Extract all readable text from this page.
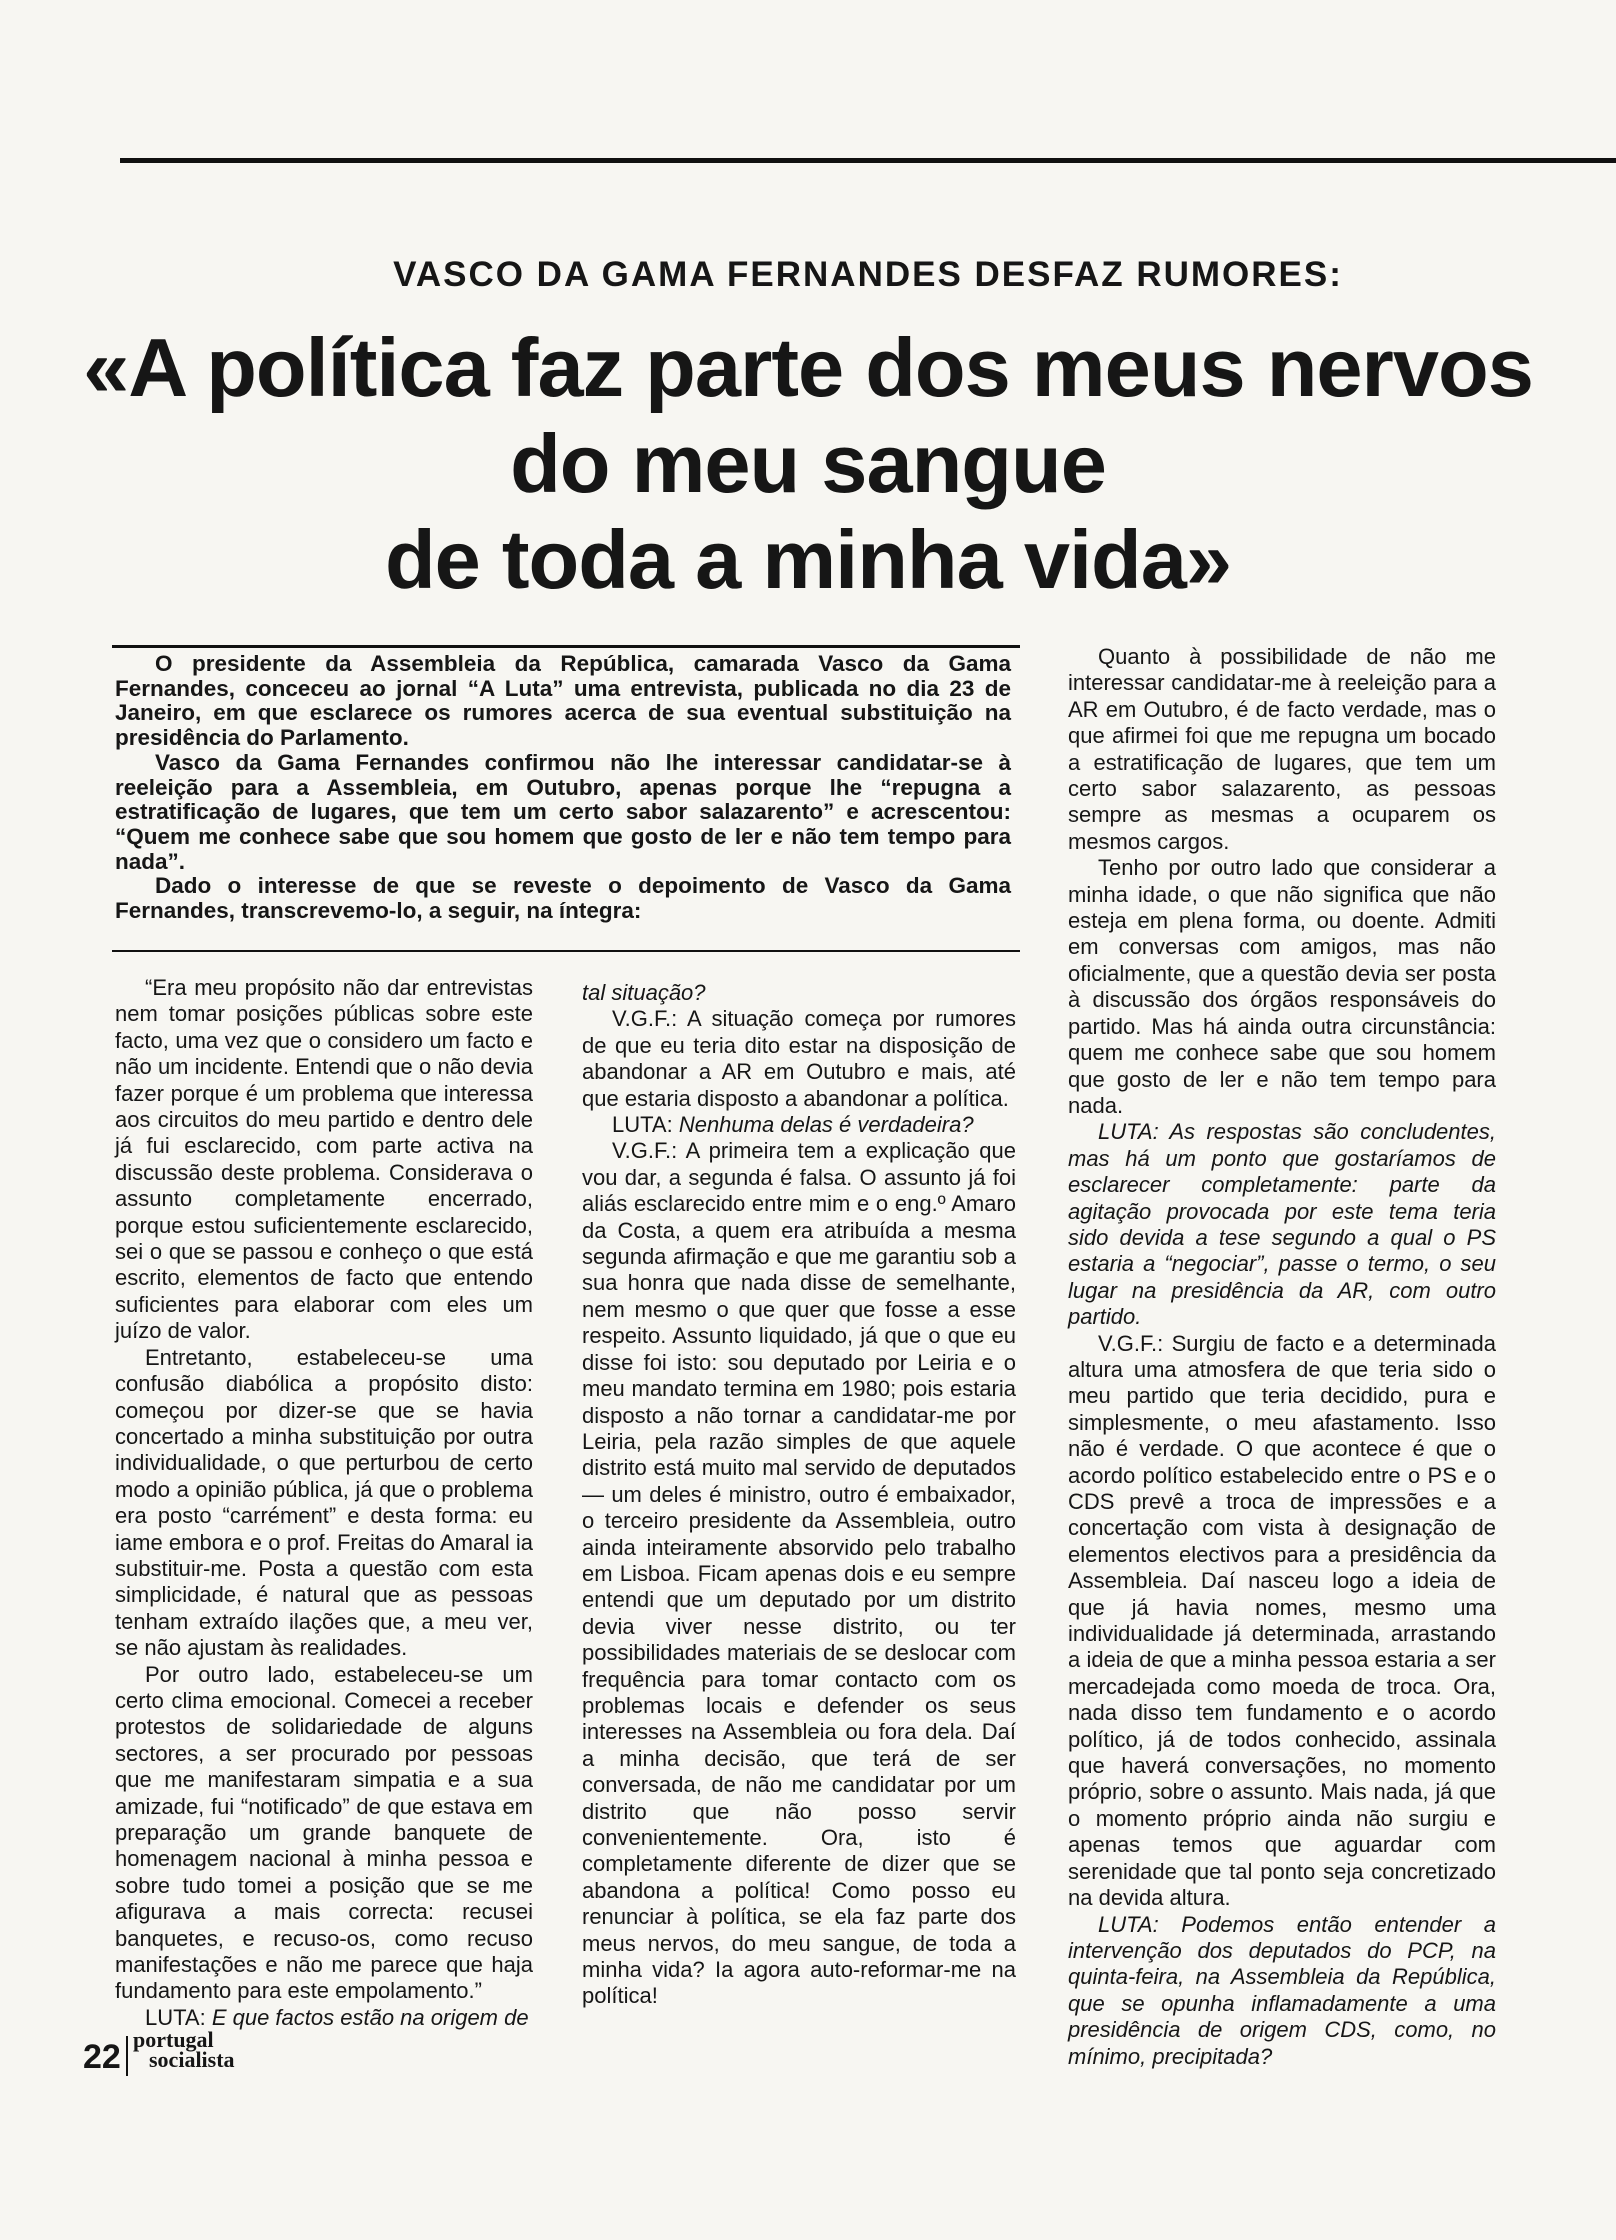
VASCO DA GAMA FERNANDES DESFAZ RUMORES:
«A política faz parte dos meus nervos
do meu sangue
de toda a minha vida»

O presidente da Assembleia da República, camarada Vasco da Gama Fernandes, conceceu ao jornal “A Luta” uma entrevista, publicada no dia 23 de Janeiro, em que esclarece os rumores acerca de sua eventual substituição na presidência do Parlamento.

Vasco da Gama Fernandes confirmou não lhe interessar candidatar-se à reeleição para a Assembleia, em Outubro, apenas porque lhe “repugna a estratificação de lugares, que tem um certo sabor salazarento” e acrescentou: “Quem me conhece sabe que sou homem que gosto de ler e não tem tempo para nada”.

Dado o interesse de que se reveste o depoimento de Vasco da Gama Fernandes, transcrevemo-lo, a seguir, na íntegra:

“Era meu propósito não dar entrevistas nem tomar posições públicas sobre este facto, uma vez que o considero um facto e não um incidente. Entendi que o não devia fazer porque é um problema que interessa aos circuitos do meu partido e dentro dele já fui esclarecido, com parte activa na discussão deste problema. Considerava o assunto completamente encerrado, porque estou suficientemente esclarecido, sei o que se passou e conheço o que está escrito, elementos de facto que entendo suficientes para elaborar com eles um juízo de valor.

Entretanto, estabeleceu-se uma confusão diabólica a propósito disto: começou por dizer-se que se havia concertado a minha substituição por outra individualidade, o que perturbou de certo modo a opinião pública, já que o problema era posto “carrément” e desta forma: eu iame embora e o prof. Freitas do Amaral ia substituir-me. Posta a questão com esta simplicidade, é natural que as pessoas tenham extraído ilações que, a meu ver, se não ajustam às realidades.

Por outro lado, estabeleceu-se um certo clima emocional. Comecei a receber protestos de solidariedade de alguns sectores, a ser procurado por pessoas que me manifestaram simpatia e a sua amizade, fui “notificado” de que estava em preparação um grande banquete de homenagem nacional à minha pessoa e sobre tudo tomei a posição que se me afigurava a mais correcta: recusei banquetes, e recuso-os, como recuso manifestações e não me parece que haja fundamento para este empolamento.”

LUTA: E que factos estão na origem de

tal situação?

V.G.F.: A situação começa por rumores de que eu teria dito estar na disposição de abandonar a AR em Outubro e mais, até que estaria disposto a abandonar a política.

LUTA: Nenhuma delas é verdadeira?

V.G.F.: A primeira tem a explicação que vou dar, a segunda é falsa. O assunto já foi aliás esclarecido entre mim e o eng.º Amaro da Costa, a quem era atribuída a mesma segunda afirmação e que me garantiu sob a sua honra que nada disse de semelhante, nem mesmo o que quer que fosse a esse respeito. Assunto liquidado, já que o que eu disse foi isto: sou deputado por Leiria e o meu mandato termina em 1980; pois estaria disposto a não tornar a candidatar-me por Leiria, pela razão simples de que aquele distrito está muito mal servido de deputados — um deles é ministro, outro é embaixador, o terceiro presidente da Assembleia, outro ainda inteiramente absorvido pelo trabalho em Lisboa. Ficam apenas dois e eu sempre entendi que um deputado por um distrito devia viver nesse distrito, ou ter possibilidades materiais de se deslocar com frequência para tomar contacto com os problemas locais e defender os seus interesses na Assembleia ou fora dela. Daí a minha decisão, que terá de ser conversada, de não me candidatar por um distrito que não posso servir convenientemente. Ora, isto é completamente diferente de dizer que se abandona a política! Como posso eu renunciar à política, se ela faz parte dos meus nervos, do meu sangue, de toda a minha vida? Ia agora auto-reformar-me na política!

Quanto à possibilidade de não me interessar candidatar-me à reeleição para a AR em Outubro, é de facto verdade, mas o que afirmei foi que me repugna um bocado a estratificação de lugares, que tem um certo sabor salazarento, as pessoas sempre as mesmas a ocuparem os mesmos cargos.

Tenho por outro lado que considerar a minha idade, o que não significa que não esteja em plena forma, ou doente. Admiti em conversas com amigos, mas não oficialmente, que a questão devia ser posta à discussão dos órgãos responsáveis do partido. Mas há ainda outra circunstância: quem me conhece sabe que sou homem que gosto de ler e não tem tempo para nada.

LUTA: As respostas são concludentes, mas há um ponto que gostaríamos de esclarecer completamente: parte da agitação provocada por este tema teria sido devida a tese segundo a qual o PS estaria a “negociar”, passe o termo, o seu lugar na presidência da AR, com outro partido.

V.G.F.: Surgiu de facto e a determinada altura uma atmosfera de que teria sido o meu partido que teria decidido, pura e simplesmente, o meu afastamento. Isso não é verdade. O que acontece é que o acordo político estabelecido entre o PS e o CDS prevê a troca de impressões e a concertação com vista à designação de elementos electivos para a presidência da Assembleia. Daí nasceu logo a ideia de que já havia nomes, mesmo uma individualidade já determinada, arrastando a ideia de que a minha pessoa estaria a ser mercadejada como moeda de troca. Ora, nada disso tem fundamento e o acordo político, já de todos conhecido, assinala que haverá conversações, no momento próprio, sobre o assunto. Mais nada, já que o momento próprio ainda não surgiu e apenas temos que aguardar com serenidade que tal ponto seja concretizado na devida altura.

LUTA: Podemos então entender a intervenção dos deputados do PCP, na quinta-feira, na Assembleia da República, que se opunha inflamadamente a uma presidência de origem CDS, como, no mínimo, precipitada?

22 portugal
socialista
